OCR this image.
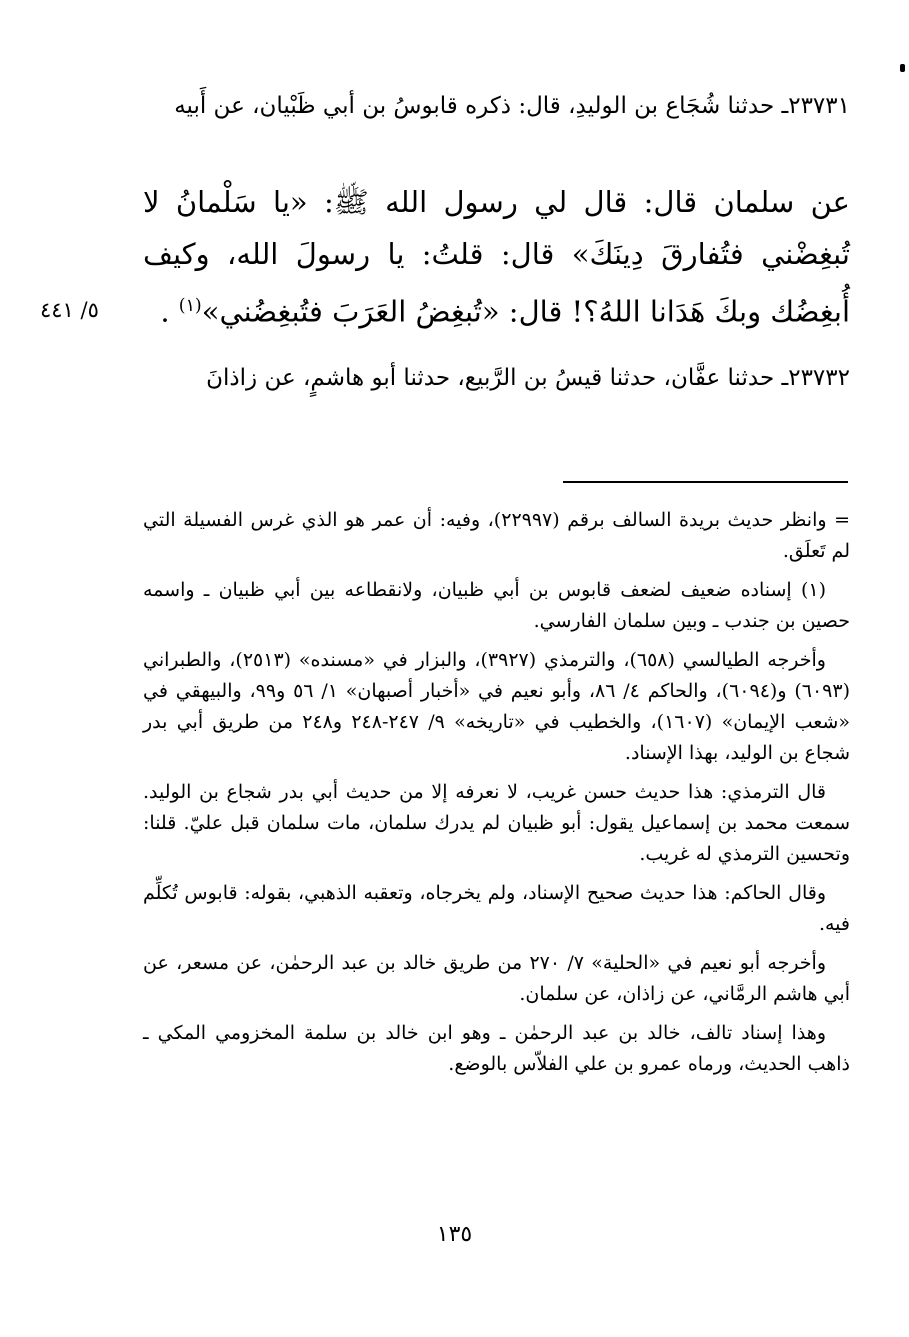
٢٣٧٣١ـ حدثنا شُجَاع بن الوليدِ، قال: ذكره قابوسُ بن أبي ظَبْيان، عن أَبيه

عن سلمان قال: قال لي رسول الله ﷺ: «يا سَلْمانُ لا تُبغِضْني فتُفارقَ دِينَكَ» قال: قلتُ: يا رسولَ الله، وكيف أُبغِضُك وبكَ هَدَانا اللهُ؟! قال: «تُبغِضُ العَرَبَ فتُبغِضُني»$^{(١)}$ .

٥/ ٤٤١

٢٣٧٣٢ـ حدثنا عفَّان، حدثنا قيسُ بن الرَّبيع، حدثنا أبو هاشمٍ، عن زاذانَ

= وانظر حديث بريدة السالف برقم (٢٢٩٩٧)، وفيه: أن عمر هو الذي غرس الفسيلة التي لم تَعلَق.

(١) إسناده ضعيف لضعف قابوس بن أبي ظبيان، ولانقطاعه بين أبي ظبيان ـ واسمه حصين بن جندب ـ وبين سلمان الفارسي.

وأخرجه الطيالسي (٦٥٨)، والترمذي (٣٩٢٧)، والبزار في «مسنده» (٢٥١٣)، والطبراني (٦٠٩٣) و(٦٠٩٤)، والحاكم ٤/ ٨٦، وأبو نعيم في «أخبار أصبهان» ١/ ٥٦ و٩٩، والبيهقي في «شعب الإيمان» (١٦٠٧)، والخطيب في «تاريخه» ٩/ ٢٤٧-٢٤٨ و٢٤٨ من طريق أبي بدر شجاع بن الوليد، بهذا الإسناد.

قال الترمذي: هذا حديث حسن غريب، لا نعرفه إلا من حديث أبي بدر شجاع بن الوليد. سمعت محمد بن إسماعيل يقول: أبو ظبيان لم يدرك سلمان، مات سلمان قبل عليّ. قلنا: وتحسين الترمذي له غريب.

وقال الحاكم: هذا حديث صحيح الإسناد، ولم يخرجاه، وتعقبه الذهبي، بقوله: قابوس تُكلِّم فيه.

وأخرجه أبو نعيم في «الحلية» ٧/ ٢٧٠ من طريق خالد بن عبد الرحمٰن، عن مسعر، عن أبي هاشم الرمَّاني، عن زاذان، عن سلمان.

وهذا إسناد تالف، خالد بن عبد الرحمٰن ـ وهو ابن خالد بن سلمة المخزومي المكي ـ ذاهب الحديث، ورماه عمرو بن علي الفلاّس بالوضع.

١٣٥
